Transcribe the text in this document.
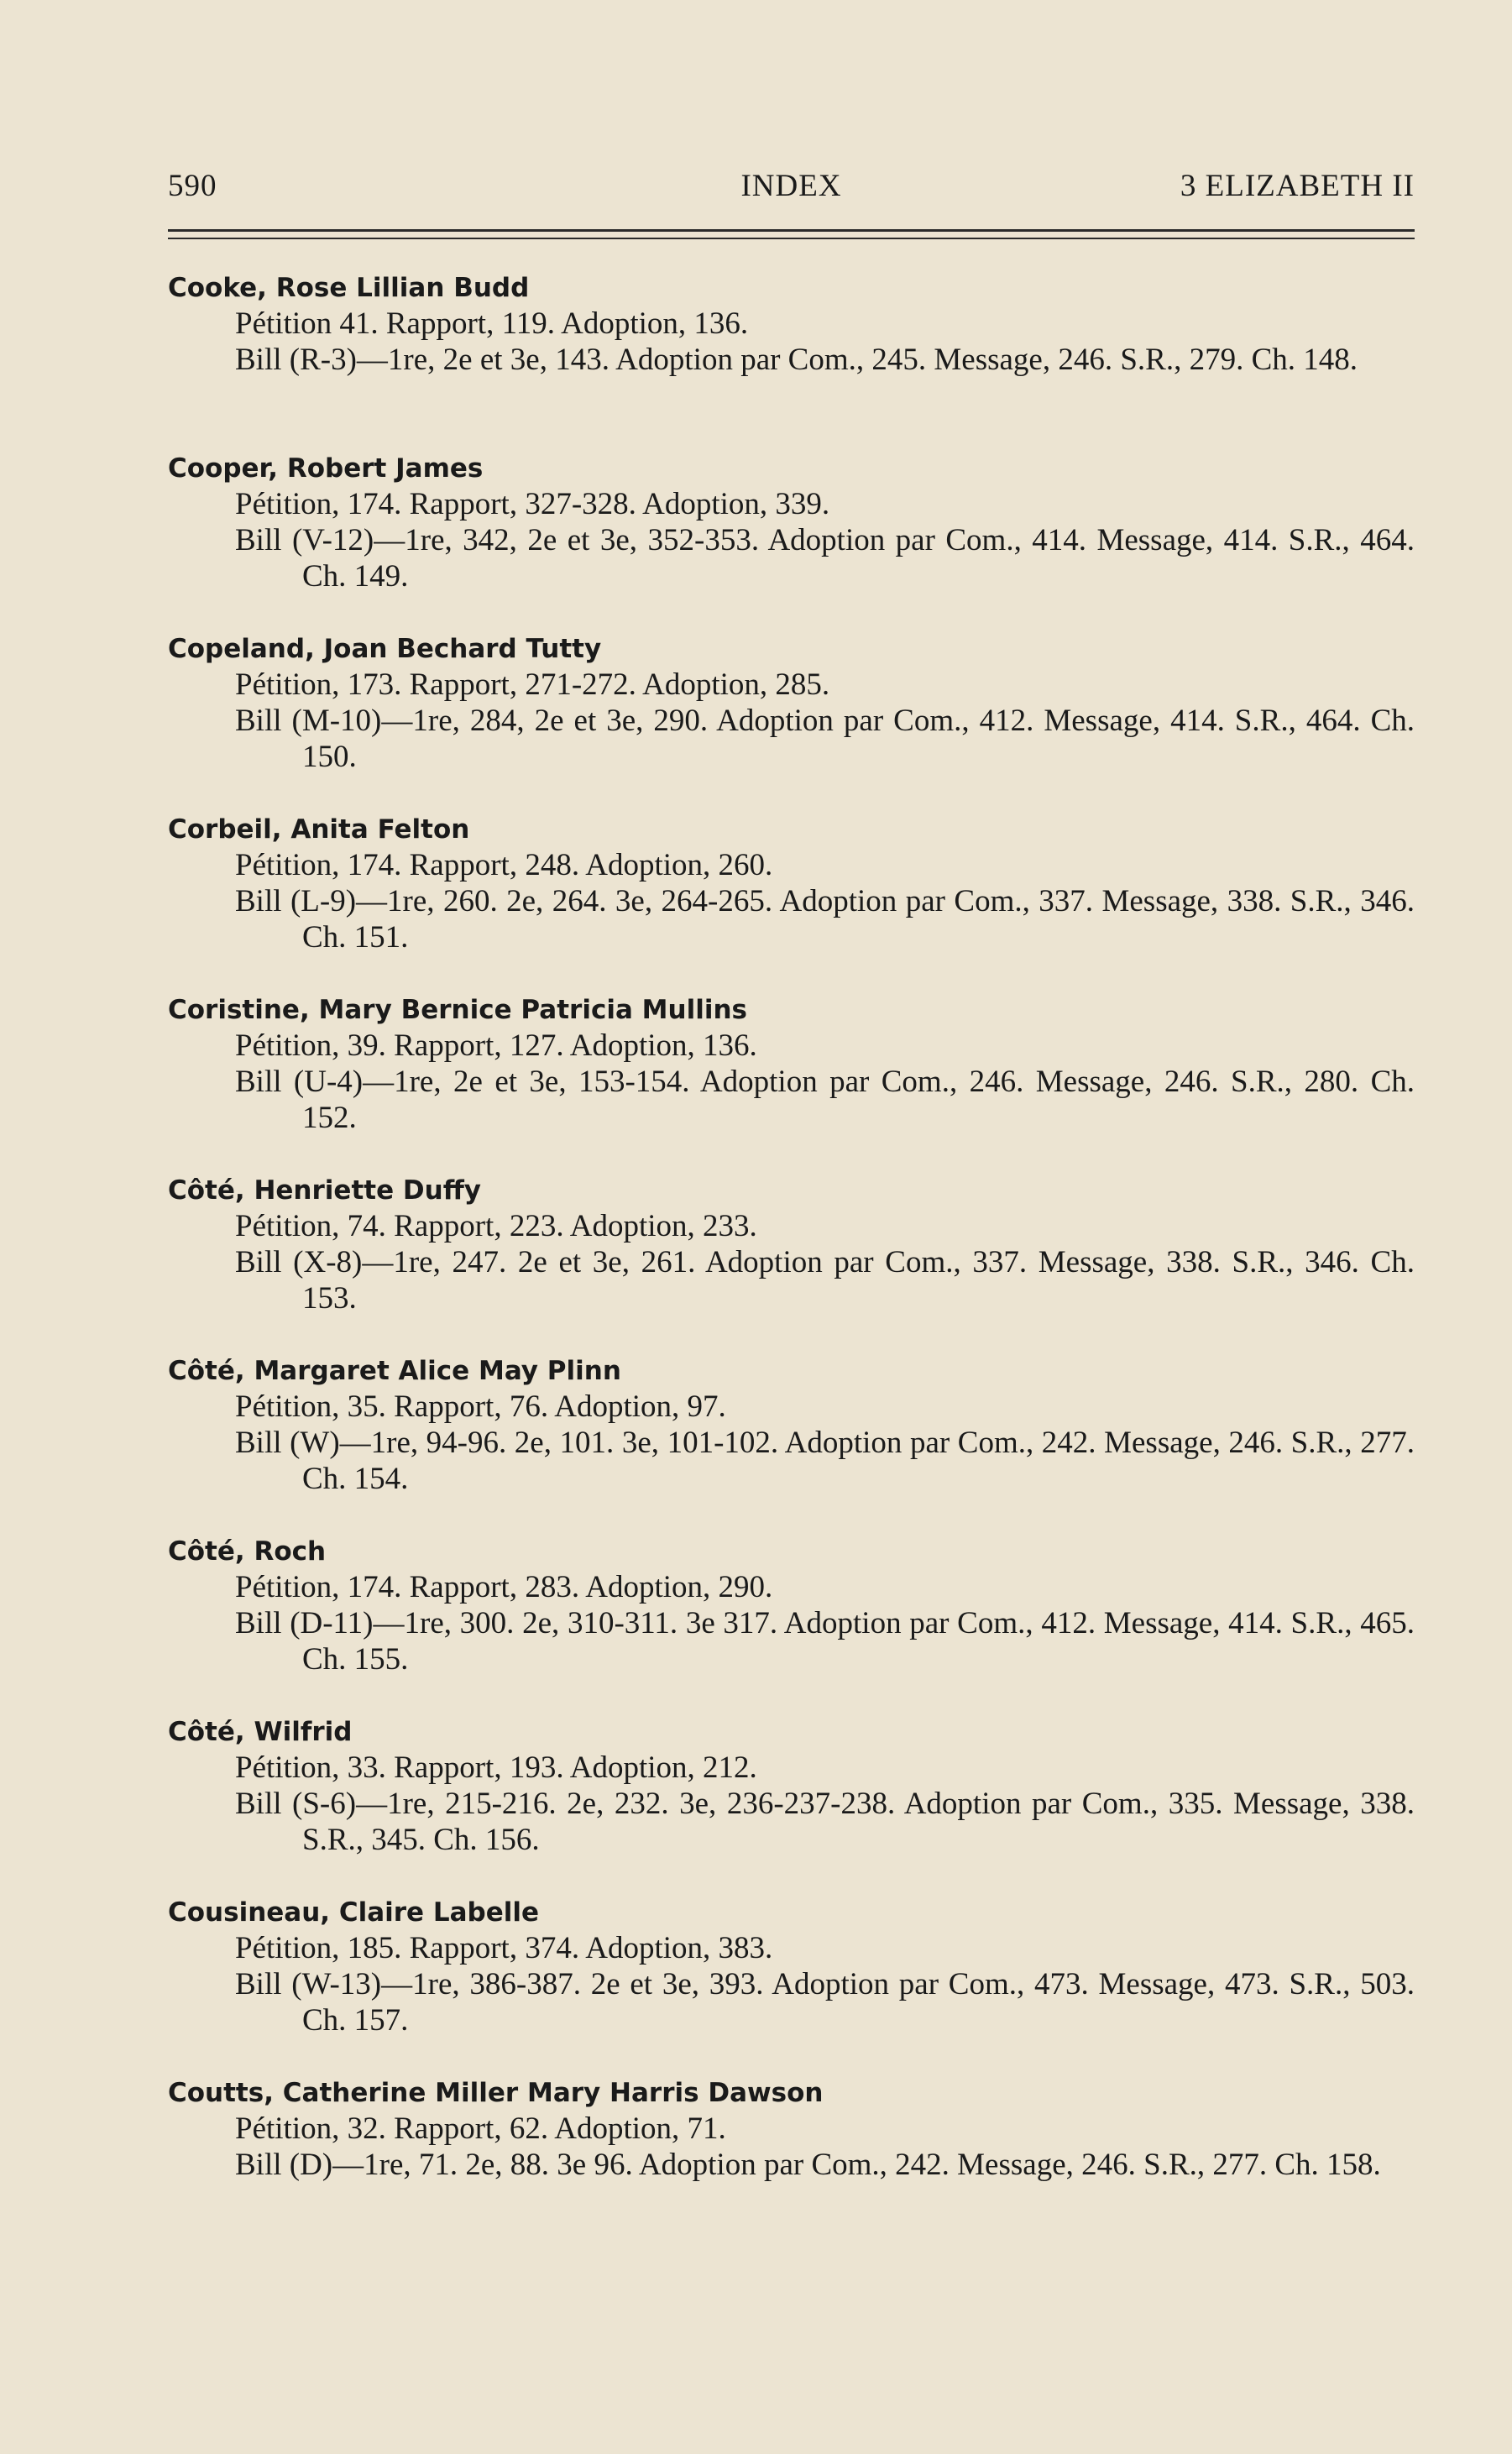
590	INDEX	3 ELIZABETH II
Cooke, Rose Lillian Budd
Pétition 41. Rapport, 119. Adoption, 136.
Bill (R-3)—1re, 2e et 3e, 143. Adoption par Com., 245. Message, 246. S.R., 279. Ch. 148.
Cooper, Robert James
Pétition, 174. Rapport, 327-328. Adoption, 339.
Bill (V-12)—1re, 342, 2e et 3e, 352-353. Adoption par Com., 414. Message, 414. S.R., 464. Ch. 149.
Copeland, Joan Bechard Tutty
Pétition, 173. Rapport, 271-272. Adoption, 285.
Bill (M-10)—1re, 284, 2e et 3e, 290. Adoption par Com., 412. Message, 414. S.R., 464. Ch. 150.
Corbeil, Anita Felton
Pétition, 174. Rapport, 248. Adoption, 260.
Bill (L-9)—1re, 260. 2e, 264. 3e, 264-265. Adoption par Com., 337. Message, 338. S.R., 346. Ch. 151.
Coristine, Mary Bernice Patricia Mullins
Pétition, 39. Rapport, 127. Adoption, 136.
Bill (U-4)—1re, 2e et 3e, 153-154. Adoption par Com., 246. Message, 246. S.R., 280. Ch. 152.
Côté, Henriette Duffy
Pétition, 74. Rapport, 223. Adoption, 233.
Bill (X-8)—1re, 247. 2e et 3e, 261. Adoption par Com., 337. Message, 338. S.R., 346. Ch. 153.
Côté, Margaret Alice May Plinn
Pétition, 35. Rapport, 76. Adoption, 97.
Bill (W)—1re, 94-96. 2e, 101. 3e, 101-102. Adoption par Com., 242. Message, 246. S.R., 277. Ch. 154.
Côté, Roch
Pétition, 174. Rapport, 283. Adoption, 290.
Bill (D-11)—1re, 300. 2e, 310-311. 3e 317. Adoption par Com., 412. Message, 414. S.R., 465. Ch. 155.
Côté, Wilfrid
Pétition, 33. Rapport, 193. Adoption, 212.
Bill (S-6)—1re, 215-216. 2e, 232. 3e, 236-237-238. Adoption par Com., 335. Message, 338. S.R., 345. Ch. 156.
Cousineau, Claire Labelle
Pétition, 185. Rapport, 374. Adoption, 383.
Bill (W-13)—1re, 386-387. 2e et 3e, 393. Adoption par Com., 473. Message, 473. S.R., 503. Ch. 157.
Coutts, Catherine Miller Mary Harris Dawson
Pétition, 32. Rapport, 62. Adoption, 71.
Bill (D)—1re, 71. 2e, 88. 3e 96. Adoption par Com., 242. Message, 246. S.R., 277. Ch. 158.
